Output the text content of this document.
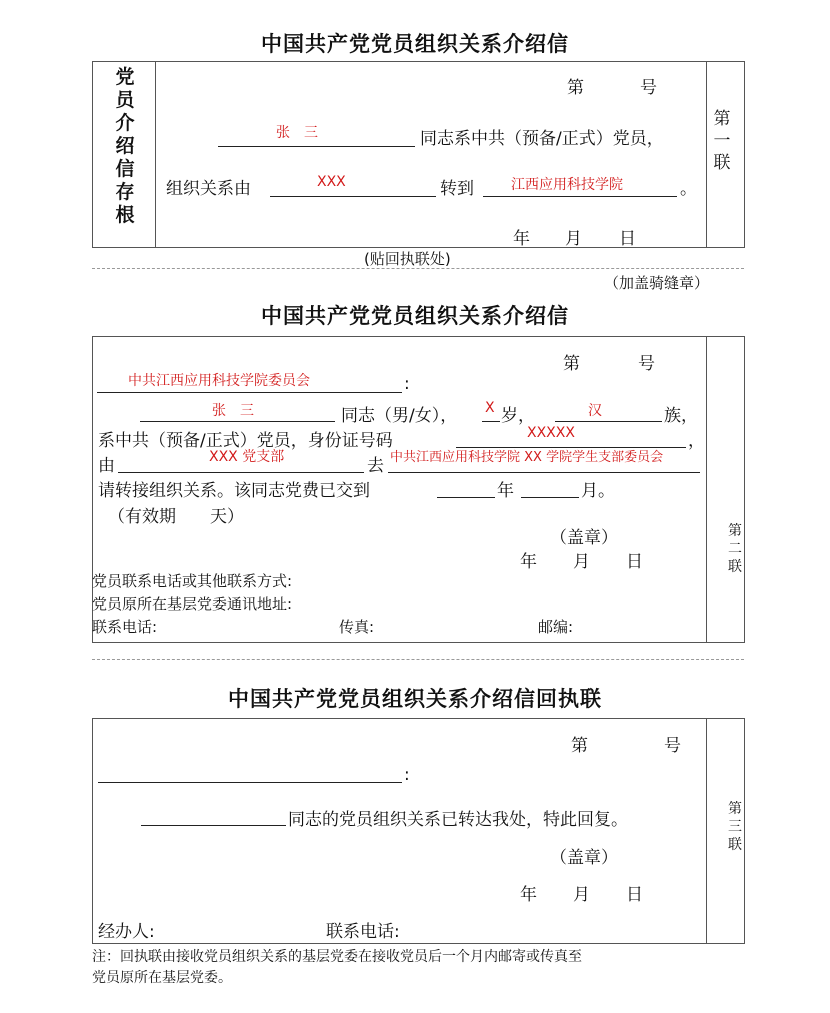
中国共产党党员组织关系介绍信
党员介绍信存根
第	号
张　三	同志系中共（预备/正式）党员，
组织关系由	XXX	转到	江西应用科技学院	。
年 月 日
第一联
(贴回执联处)
（加盖骑缝章）
中国共产党党员组织关系介绍信
第	号
中共江西应用科技学院委员会	:
张　三	同志（男/女）， X 岁，	汉	族，
系中共（预备/正式）党员，身份证号码	XXXXX	，
由	XXX 党支部	去 中共江西应用科技学院 XX 学院学生支部委员会
请转接组织关系。该同志党费已交到	年	月。
（有效期　　天）
（盖章）
年 月 日
党员联系电话或其他联系方式:
党员原所在基层党委通讯地址:
联系电话:	传真:	邮编:
第二联
中国共产党党员组织关系介绍信回执联
第	号
:
同志的党员组织关系已转达我处，特此回复。
（盖章）
年 月 日
经办人:	联系电话:
第三联
注：回执联由接收党员组织关系的基层党委在接收党员后一个月内邮寄或传真至
党员原所在基层党委。
